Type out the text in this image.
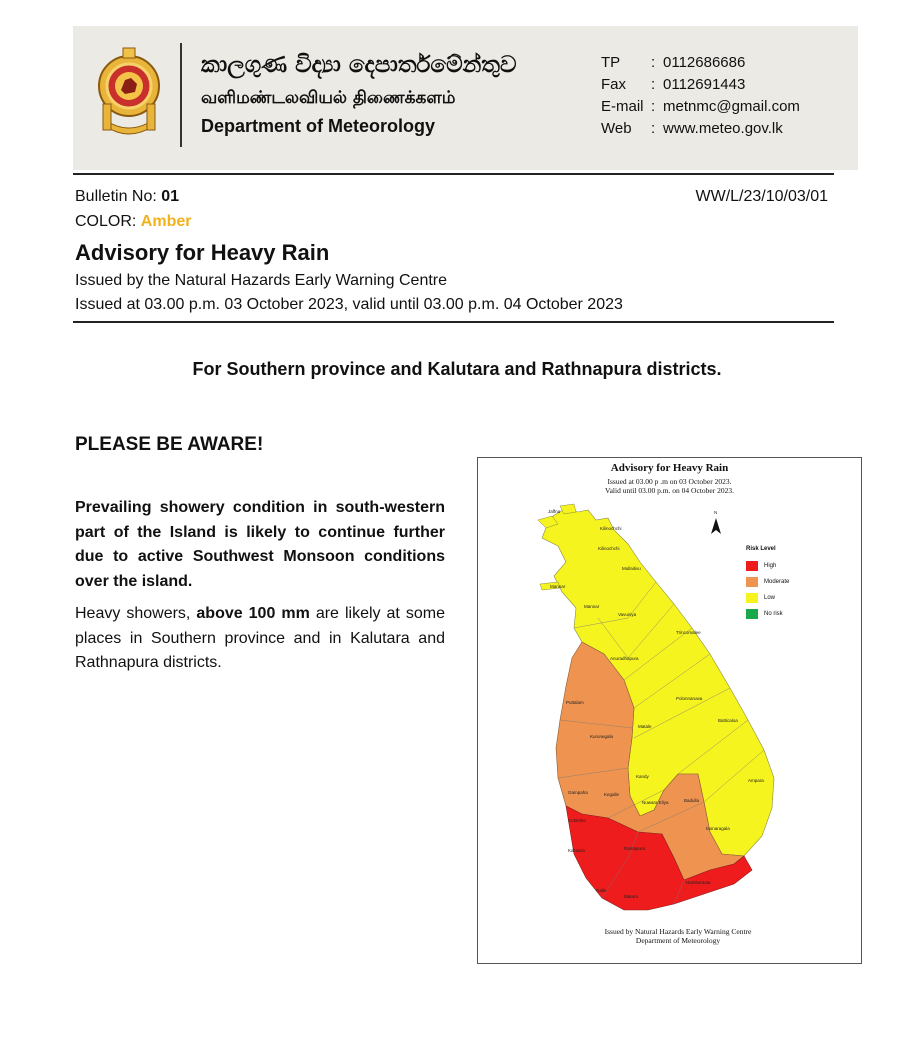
කාලගුණ විද්‍යා දෙපාර්තමේන්තුව
வளிமண்டலவியல் திணைக்களம்
Department of Meteorology
TP	: 0112686686
Fax	: 0112691443
E-mail : metnmc@gmail.com
Web	: www.meteo.gov.lk
Bulletin No: 01	WW/L/23/10/03/01
COLOR: Amber
Advisory for Heavy Rain
Issued by the Natural Hazards Early Warning Centre
Issued at 03.00 p.m. 03 October 2023, valid until 03.00 p.m. 04 October 2023
For Southern province and Kalutara and Rathnapura districts.
PLEASE BE AWARE!

Prevailing showery condition in south-western part of the Island is likely to continue further due to active Southwest Monsoon conditions over the island.

Heavy showers, above 100 mm are likely at some places in Southern province and in Kalutara and Rathnapura districts.

Advisory for Heavy Rain
Issued at 03.00 p .m on 03 October 2023.
Valid until 03.00 p.m. on 04 October 2023.
N
Jaffna
Kilinochchi
Kilinochchi
Mullaitivu
Mannar
Mannar
Vavuniya
Trincomalee
Anuradhapura
Puttalam
Polonnaruwa
Batticaloa
Matale
Kurunegala
Kandy
Ampara
Gampaha	Kegalle
Badulla
Nuwara Eliya
Colombo
Monaragala
Kalutara	Ratnapura
Hambantota
Galle
Matara
Risk Level
High
Moderate
Low
No risk
Issued by Natural Hazards Early Warning Centre
Department of Meteorology
